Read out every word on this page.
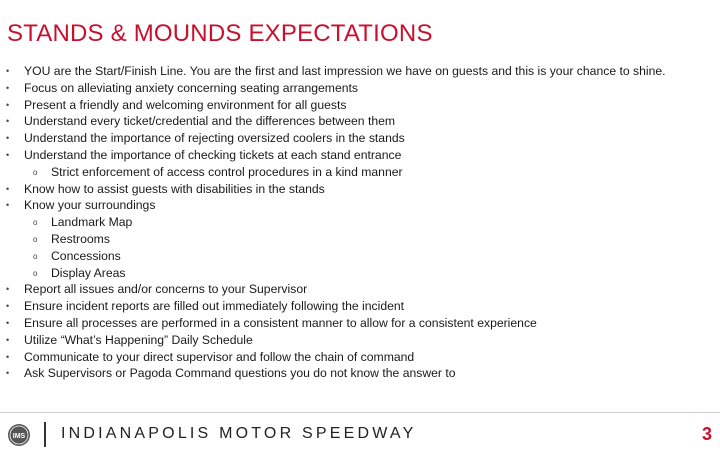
STANDS & MOUNDS EXPECTATIONS
• YOU are the Start/Finish Line. You are the first and last impression we have on guests and this is your chance to shine.
• Focus on alleviating anxiety concerning seating arrangements
• Present a friendly and welcoming environment for all guests
• Understand every ticket/credential and the differences between them
• Understand the importance of rejecting oversized coolers in the stands
• Understand the importance of checking tickets at each stand entrance
o Strict enforcement of access control procedures in a kind manner
• Know how to assist guests with disabilities in the stands
• Know your surroundings
o Landmark Map
o Restrooms
o Concessions
o Display Areas
• Report all issues and/or concerns to your Supervisor
• Ensure incident reports are filled out immediately following the incident
• Ensure all processes are performed in a consistent manner to allow for a consistent experience
• Utilize “What’s Happening” Daily Schedule
• Communicate to your direct supervisor and follow the chain of command
• Ask Supervisors or Pagoda Command questions you do not know the answer to
IMS INDIANAPOLIS MOTOR SPEEDWAY	3
